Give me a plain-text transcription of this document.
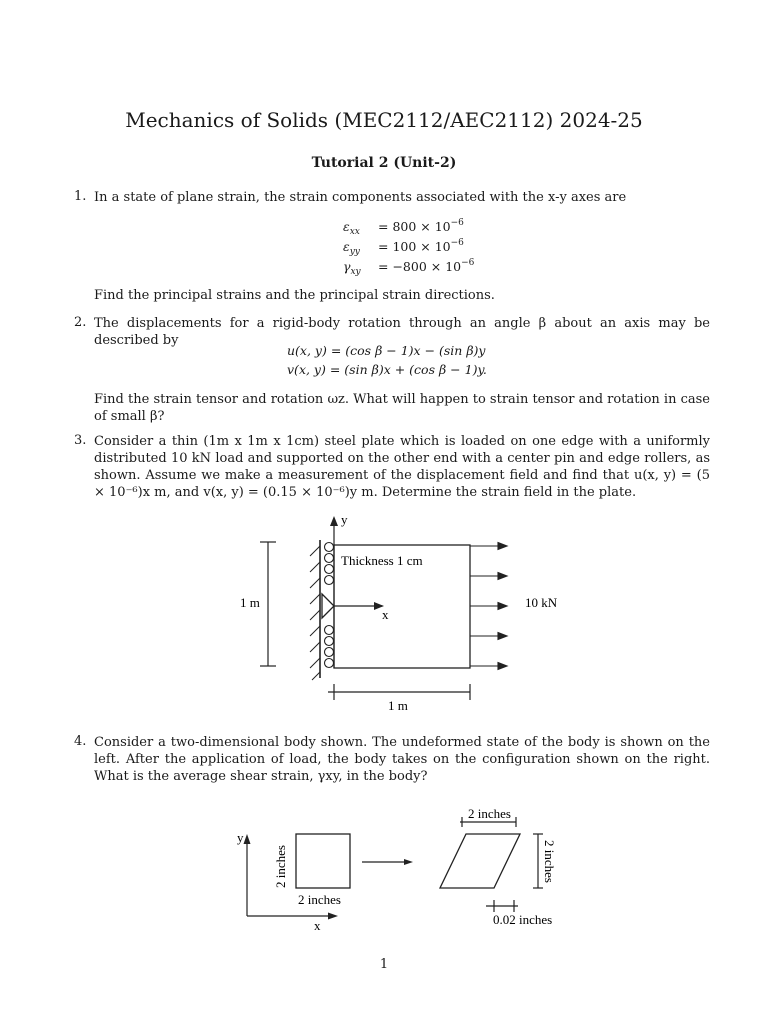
Mechanics of Solids (MEC2112/AEC2112) 2024-25
Tutorial 2 (Unit-2)
1. In a state of plane strain, the strain components associated with the x-y axes are
$\varepsilon_{xx} = 800 \times 10^{-6}$
$\varepsilon_{yy} = 100 \times 10^{-6}$
$\gamma_{xy} = -800 \times 10^{-6}$
Find the principal strains and the principal strain directions.
2. The displacements for a rigid-body rotation through an angle β about an axis may be described by
u(x, y) = (cos β − 1)x − (sin β)y
v(x, y) = (sin β)x + (cos β − 1)y.
Find the strain tensor and rotation ωz. What will happen to strain tensor and rotation in case of small β?
3. Consider a thin (1m x 1m x 1cm) steel plate which is loaded on one edge with a uniformly distributed 10 kN load and supported on the other end with a center pin and edge rollers, as shown. Assume we make a measurement of the displacement field and find that u(x, y) = (5 × 10⁻⁶)x m, and v(x, y) = (0.15 × 10⁻⁶)y m. Determine the strain field in the plate.
1 m
y
x
Thickness 1 cm
10 kN
1 m
4. Consider a two-dimensional body shown. The undeformed state of the body is shown on the left. After the application of load, the body takes on the configuration shown on the right. What is the average shear strain, γxy, in the body?
y
x
2 inches
2 inches
2 inches
2 inches
0.02 inches
1
